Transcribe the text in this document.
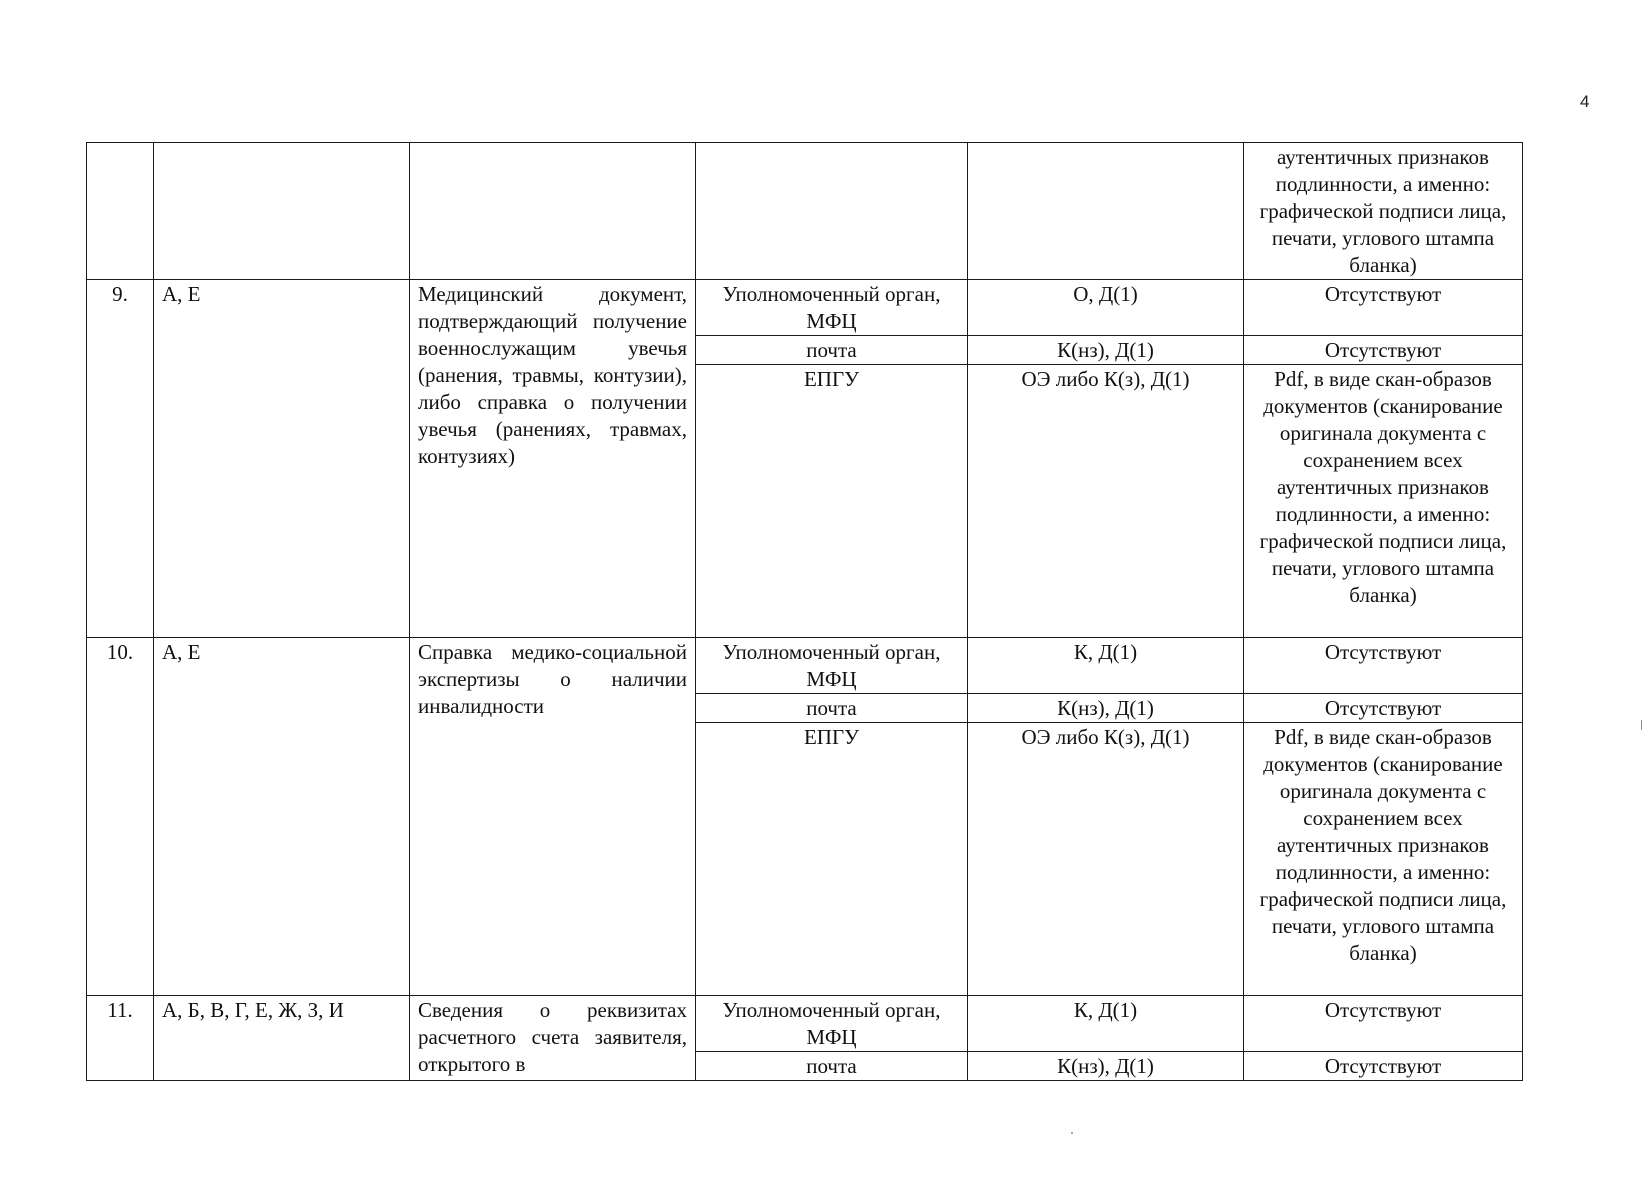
4
					аутентичных признаков подлинности, а именно: графической подписи лица, печати, углового штампа бланка)
9.	А, Е	Медицинский документ, подтверждающий получение военнослужащим увечья (ранения, травмы, контузии), либо справка о получении увечья (ранениях, травмах, контузиях)	Уполномоченный орган, МФЦ	О, Д(1)	Отсутствуют
			почта	К(нз), Д(1)	Отсутствуют
			ЕПГУ	ОЭ либо К(з), Д(1)	Pdf, в виде скан-образов документов (сканирование оригинала документа с сохранением всех аутентичных признаков подлинности, а именно: графической подписи лица, печати, углового штампа бланка)
10.	А, Е	Справка медико-социальной экспертизы о наличии инвалидности	Уполномоченный орган, МФЦ	К, Д(1)	Отсутствуют
			почта	К(нз), Д(1)	Отсутствуют
			ЕПГУ	ОЭ либо К(з), Д(1)	Pdf, в виде скан-образов документов (сканирование оригинала документа с сохранением всех аутентичных признаков подлинности, а именно: графической подписи лица, печати, углового штампа бланка)
11.	А, Б, В, Г, Е, Ж, З, И	Сведения о реквизитах расчетного счета заявителя, открытого в	Уполномоченный орган, МФЦ	К, Д(1)	Отсутствуют
			почта	К(нз), Д(1)	Отсутствуют
